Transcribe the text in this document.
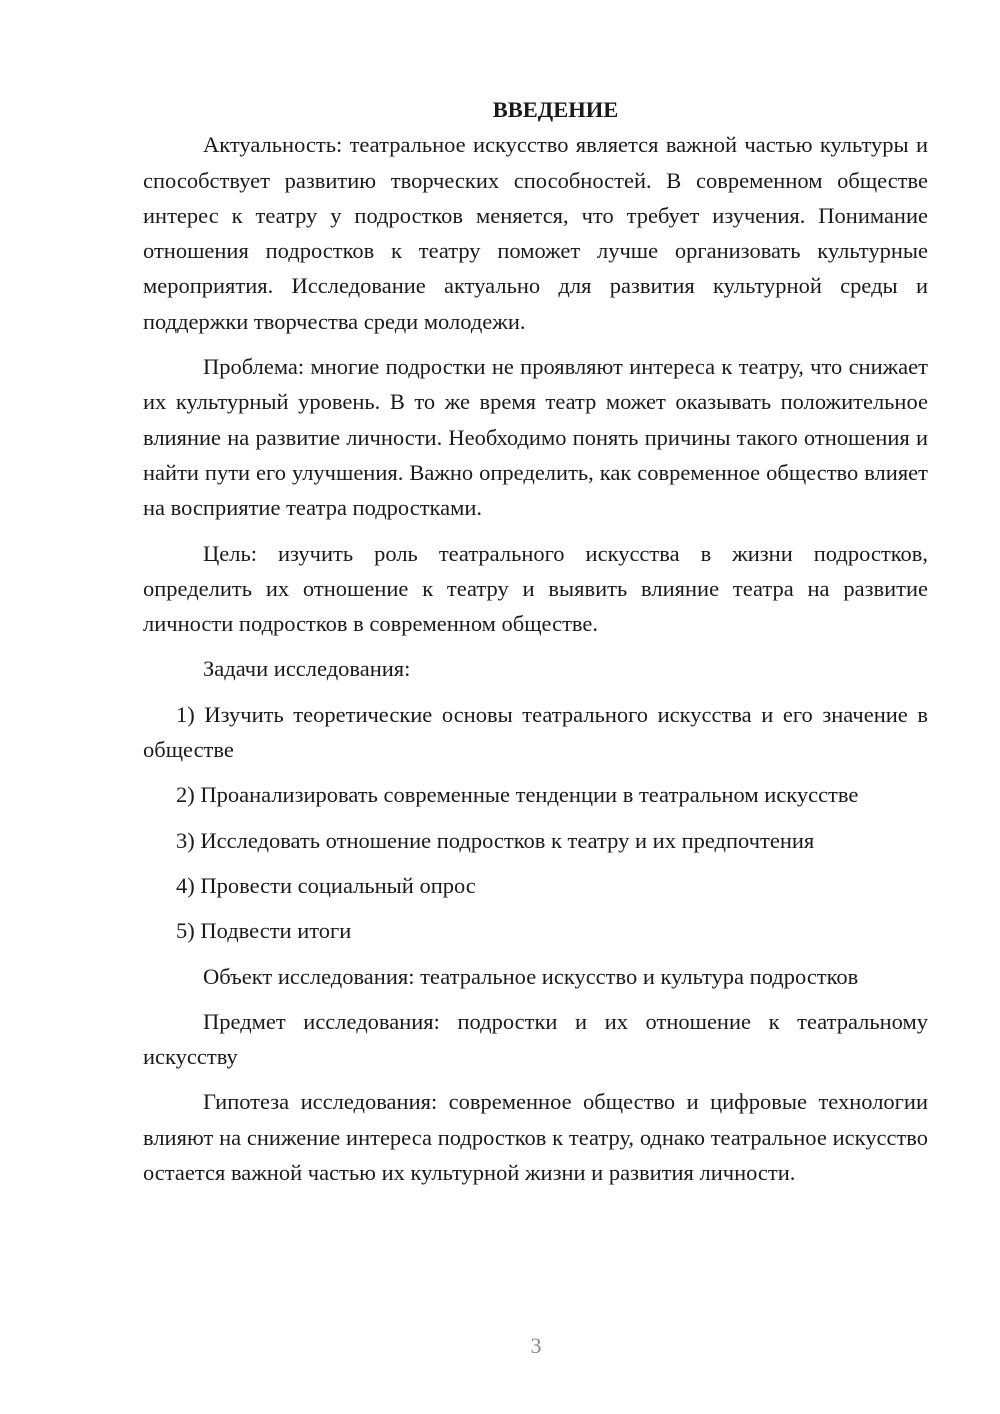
ВВЕДЕНИЕ

Актуальность: театральное искусство является важной частью культуры и способствует развитию творческих способностей. В современном обществе интерес к театру у подростков меняется, что требует изучения. Понимание отношения подростков к театру поможет лучше организовать культурные мероприятия. Исследование актуально для развития культурной среды и поддержки творчества среди молодежи.

Проблема: многие подростки не проявляют интереса к театру, что снижает их культурный уровень. В то же время театр может оказывать положительное влияние на развитие личности. Необходимо понять причины такого отношения и найти пути его улучшения. Важно определить, как современное общество влияет на восприятие театра подростками.

Цель: изучить роль театрального искусства в жизни подростков, определить их отношение к театру и выявить влияние театра на развитие личности подростков в современном обществе.

Задачи исследования:

1) Изучить теоретические основы театрального искусства и его значение в обществе

2) Проанализировать современные тенденции в театральном искусстве

3) Исследовать отношение подростков к театру и их предпочтения

4) Провести социальный опрос

5) Подвести итоги

Объект исследования: театральное искусство и культура подростков

Предмет исследования: подростки и их отношение к театральному искусству

Гипотеза исследования: современное общество и цифровые технологии влияют на снижение интереса подростков к театру, однако театральное искусство остается важной частью их культурной жизни и развития личности.

3
